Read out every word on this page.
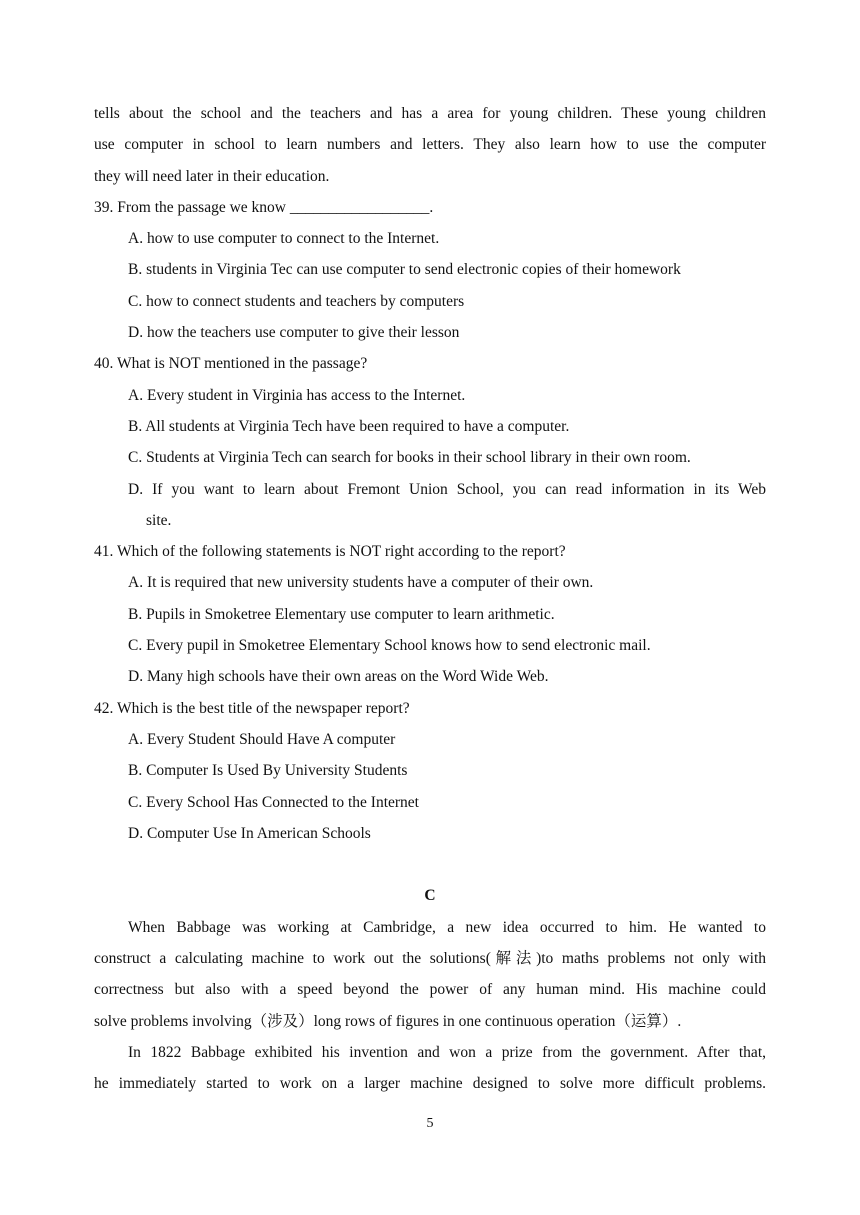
tells about the school and the teachers and has a area for young children. These young children
use computer in school to learn numbers and letters. They also learn how to use the computer
they will need later in their education.
39. From the passage we know __________________.
A. how to use computer to connect to the Internet.
B. students in Virginia Tec can use computer to send electronic copies of their homework
C. how to connect students and teachers by computers
D. how the teachers use computer to give their lesson
40. What is NOT mentioned in the passage?
A. Every student in Virginia has access to the Internet.
B. All students at Virginia Tech have been required to have a computer.
C. Students at Virginia Tech can search for books in their school library in their own room.
D. If you want to learn about Fremont Union School, you can read information in its Web
site.
41. Which of the following statements is NOT right according to the report?
A. It is required that new university students have a computer of their own.
B. Pupils in Smoketree Elementary use computer to learn arithmetic.
C. Every pupil in Smoketree Elementary School knows how to send electronic mail.
D. Many high schools have their own areas on the Word Wide Web.
42. Which is the best title of the newspaper report?
A. Every Student Should Have A computer
B. Computer Is Used By University Students
C. Every School Has Connected to the Internet
D. Computer Use In American Schools
C
When Babbage was working at Cambridge, a new idea occurred to him. He wanted to
construct a calculating machine to work out the solutions(解法)to maths problems not only with
correctness but also with a speed beyond the power of any human mind. His machine could
solve problems involving（涉及）long rows of figures in one continuous operation（运算）.
In 1822 Babbage exhibited his invention and won a prize from the government. After that,
he immediately started to work on a larger machine designed to solve more difficult problems.
5
